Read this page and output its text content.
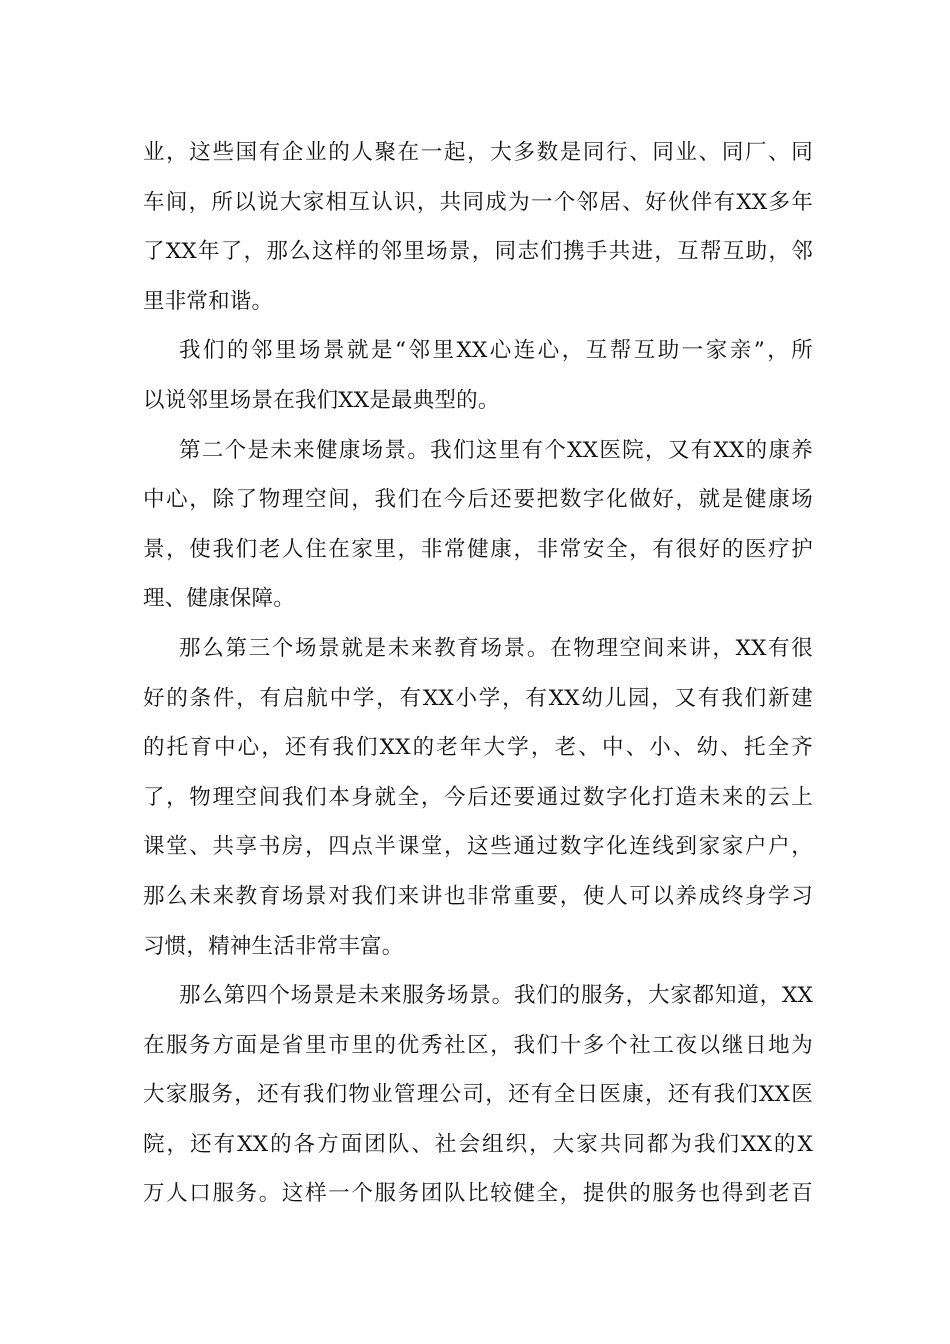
业，这些国有企业的人聚在一起，大多数是同行、同业、同厂、同
车间，所以说大家相互认识，共同成为一个邻居、好伙伴有XX多年
了XX年了，那么这样的邻里场景，同志们携手共进，互帮互助，邻
里非常和谐。
我们的邻里场景就是“邻里XX心连心，互帮互助一家亲”，所
以说邻里场景在我们XX是最典型的。
第二个是未来健康场景。我们这里有个XX医院，又有XX的康养
中心，除了物理空间，我们在今后还要把数字化做好，就是健康场
景，使我们老人住在家里，非常健康，非常安全，有很好的医疗护
理、健康保障。
那么第三个场景就是未来教育场景。在物理空间来讲，XX有很
好的条件，有启航中学，有XX小学，有XX幼儿园，又有我们新建
的托育中心，还有我们XX的老年大学，老、中、小、幼、托全齐
了，物理空间我们本身就全，今后还要通过数字化打造未来的云上
课堂、共享书房，四点半课堂，这些通过数字化连线到家家户户，
那么未来教育场景对我们来讲也非常重要，使人可以养成终身学习
习惯，精神生活非常丰富。
那么第四个场景是未来服务场景。我们的服务，大家都知道，XX
在服务方面是省里市里的优秀社区，我们十多个社工夜以继日地为
大家服务，还有我们物业管理公司，还有全日医康，还有我们XX医
院，还有XX的各方面团队、社会组织，大家共同都为我们XX的X
万人口服务。这样一个服务团队比较健全，提供的服务也得到老百
